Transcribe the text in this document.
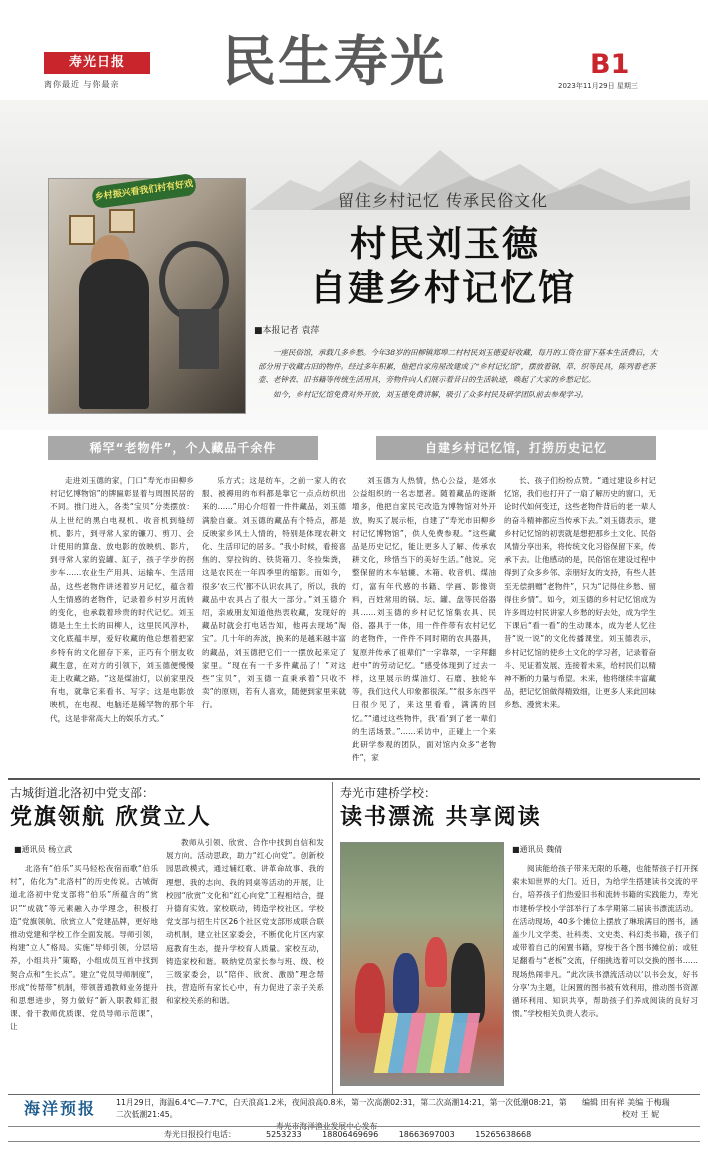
寿光日报
离你最近 与你最亲 民生寿光	B1
2023年11月29日 星期三
乡村振兴看我们村有好戏	留住乡村记忆 传承民俗文化
村民刘玉德
自建乡村记忆馆
■本报记者 袁萍
一座民俗馆，承载几多乡愁。今年38岁的田柳镇郑埠二村村民刘玉德爱好收藏，每月的工资在留下基本生活费后，大部分用于收藏古旧的物件。经过多年积累，他把自家房屋改建成了“乡村记忆馆”，摆放着钢、草、织等民具，陈列着老茶壶、老钟表、旧书籍等传统生活用具，旁物件向人们展示着昔日的生活轨迹，唤起了大家的乡愁记忆。
如今，乡村记忆馆免费对外开放，刘玉德免费讲解，吸引了众多村民及研学团队前去参观学习。
稀罕“老物件”，个人藏品千余件	自建乡村记忆馆，打捞历史记忆

走进刘玉德的家，门口“寿光市田柳乡村记忆博物馆”的牌匾彰显着与周围民居的不同。推门进入，各类“宝贝”分类摆放：从上世纪的黑白电视机、收音机到缝纫机、影片，到寻常人家的镰刀、剪刀、会计使用的算盘、放电影的放映机、影片，到寻常人家的瓷罐、缸子，孩子学步的拐步车……农业生产用具、运输车、生活用品，这些老物件讲述着岁月记忆，蕴含着人生情感的老物件，记录着乡村岁月流转的变化，也承载着珍贵的时代记忆。刘玉德是土生土长的田柳人，这里民风淳朴，文化底蕴丰厚，爱好收藏的他总想着把家乡特有的文化留存下来，正巧有个朋友收藏生意，在对方的引领下，刘玉德便慢慢走上收藏之路。“这是煤油灯，以前家里没有电，就靠它来看书、写字；这是电影放映机，在电视、电脑还是稀罕物的那个年代，这是非常高大上的娱乐方式。”

乐方式；这是纺车，之前一家人的衣服、被褥用的布料都是靠它一点点纺织出来的……”用心介绍着一件件藏品，刘玉德满脸自豪。刘玉德的藏品有个特点，都是反映家乡风土人情的，特别是体现农耕文化、生活印记的居多。“我小时候，看接喜焦的、穿拉钩的、铁货箱刀、冬捡柴粪，这是农民在一年四季里的缩影。而如今，很多‘农三代’都不认识农具了，所以，我的藏品中农具占了很大一部分。”刘玉德介绍，亲戚朋友知道他热衷收藏，发现好的藏品时就会打电话告知，他再去现场“淘宝”。几十年的奔波，换来的是越来越丰富的藏品，刘玉德把它们一一摆放起来定了家里。“现在有一千多件藏品了！”对这些“宝贝”，刘玉德一直秉承着“只收不卖”的原则，若有人喜欢，随便到家里来就行。

刘玉德为人热情，热心公益，是郊水公益组织的一名志愿者。随着藏品的逐渐增多，他把自家民宅改造为博物馆对外开放，购买了展示柜，自建了“寿光市田柳乡村记忆博物馆”，供人免费参观。“这些藏品是历史记忆，能让更多人了解、传承农耕文化，珍惜当下的美好生活。”他说。完整保留的木车轱辘、木箱、收音机、煤油灯，富有年代感的书籍、学画、影像资料，百姓常用的锅、坛、罐、盘等民俗器具……刘玉德的乡村记忆馆集农具、民俗、器具于一体，用一件件带有农村记忆的老物件，一件件不同时期的农具器具，复原并传承了祖辈们“一字靠翠，一字拜翻赶中”的劳动记忆。“感受体现到了过去一样，这里展示的煤油灯、石磨、独轮车等，我们这代人印象都很深。”“很多东西平日很少见了，来这里看看，满满的回忆。”“通过这些物件，我‘看’到了老一辈们的生活场景。”……采访中，正碰上一个来此研学参观的团队，面对馆内众多“老物件”，家

长、孩子们纷纷点赞。“通过建设乡村记忆馆，我们也打开了一扇了解历史的窗口，无论时代如何变迁，这些老物件背后的老一辈人的奋斗精神都应当传承下去。”刘玉德表示，建乡村记忆馆的初衷就是想把那乡土文化、民俗风情分享出来，将传统文化习俗保留下来，传承下去。让他感动的是，民俗馆在建设过程中得到了众多乡邻、亲朋好友的支持，有些人甚至无偿捐赠“老物件”，只为“记得住乡愁、留得住乡情”。如今，刘玉德的乡村记忆馆成为许多周边村民讲家人乡愁的好去处，成为学生下课后“看一看”的生动课本，成为老人忆往昔“说一说”的文化传播课堂。刘玉德表示，乡村记忆馆的使乡土文化的学习者，记录着奋斗、见证着发展、连接着未来，给村民们以精神不断的力量与希望。未来，他将继续丰富藏品，把记忆馆做得精致细，让更多人来此回味乡愁、漫赏未来。

古城街道北洛初中党支部：
党旗领航 欣赏立人
■通讯员 杨立武

北洛有“伯乐”买马轻松夜宿而歌“伯乐村”，佑化为“北洛村”的历史传说。古城街道北洛初中党支部将“伯乐”所蕴含的“赏识”“成就”等元素融入办学理念，积极打造“党旗领航、欣赏立人”党建品牌，更好地推动党建和学校工作全面发展。导师引领，构建“立人”格局。实施“导师引领，分层培养，小组共升”策略，小组成员互首中找到契合点和“生长点”。建立“党员导师制度”，形成“传帮带”机制，带领普通教师业务提升和思想进步，努力做好“新入职教师汇报课、骨干教师优质课、党员导师示范课”，让

教师从引领、欣赏、合作中找到自信和发展方向。活动思政，助力“红心向党”。创新校园思政模式，通过辅红歌、讲革命故事、我的理想、我的志向、我的同桌等活动的开展，让校园“欣赏”文化和“红心向党”工程相结合，提升德育实效。家校联动，铸造学校社区。学校党支部与招生片区26个社区党支部形成联合联动机制，建立社区家委会，不断优化片区内家庭教育生态，提升学校育人质量。家校互动，铸造家校和谐。吸纳党员家长参与班、级、校三级家委会，以“陪伴、欣赏、激励”理念帮扶，营造所有家长心中，有力促进了亲子关系和家校关系的和谐。

寿光市建桥学校：
读书漂流 共享阅读
■通讯员 魏倩

阅读能给孩子带来无限的乐趣，也能帮孩子打开探索未知世界的大门。近日，为给学生搭建读书交流的平台，培养孩子们热爱旧书和流转书籍的实践能力，寿光市建桥学校小学部举行了本学期第二届读书漂流活动。在活动现场，40多个摊位上摆放了琳琅满目的图书，涵盖少儿文学类、社科类、文史类、科幻类书籍，孩子们或带着自己的闲置书籍，穿梭于各个图书摊位前；或驻足翻看与“老板”交流，仔细挑选着可以交换的图书……现场热闹非凡。“此次读书漂流活动以‘以书会友，好书分享’为主题，让闲置的图书被有效利用，推动图书资源循环利用、知识共享，帮助孩子们养成阅读的良好习惯。”学校相关负责人表示。

海洋预报	11月29日，海温6.4℃—7.7℃，白天浪高1.2米，夜间浪高0.8米，第一次高潮02:31，第二次高潮14:21，第一次低潮08:21，第二次低潮21:45。
寿光市海洋渔业发展中心发布
编辑 田有祥 美编 于梅瑞
校对 王 妮
寿光日报投行电话：	5253233 18806469696 18663697003 15265638668
